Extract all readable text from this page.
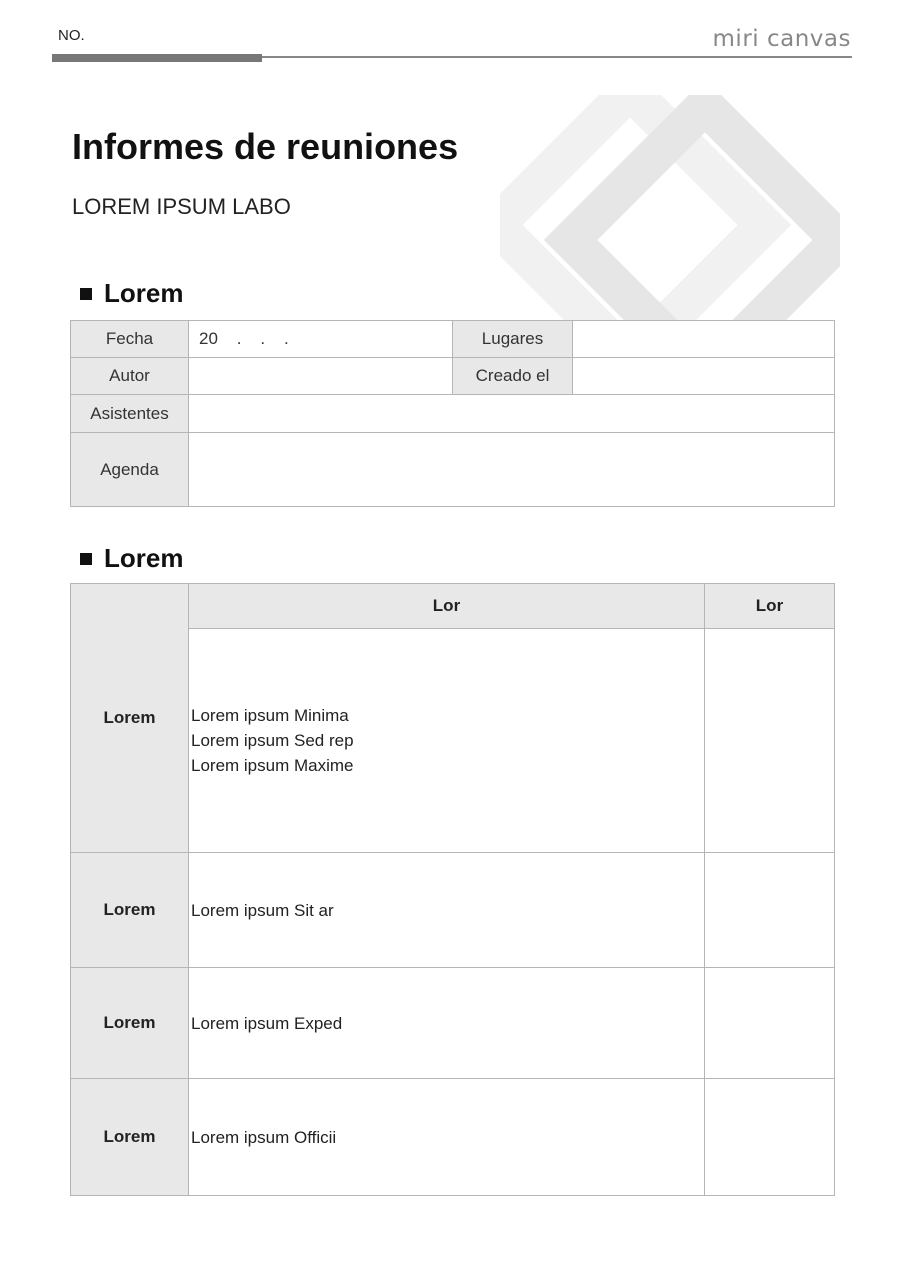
NO.	miri canvas
Informes de reuniones
LOREM IPSUM LABO
Lorem
Fecha	20    .    .    .	Lugares	
Autor		Creado el	
Asistentes			
Agenda			
Lorem
Lorem	Lor	Lor

	Lorem ipsum Minima
Lorem ipsum Sed rep
Lorem ipsum Maxime	

Lorem	Lorem ipsum Sit ar	

Lorem	Lorem ipsum Exped	

Lorem	Lorem ipsum Officii	
